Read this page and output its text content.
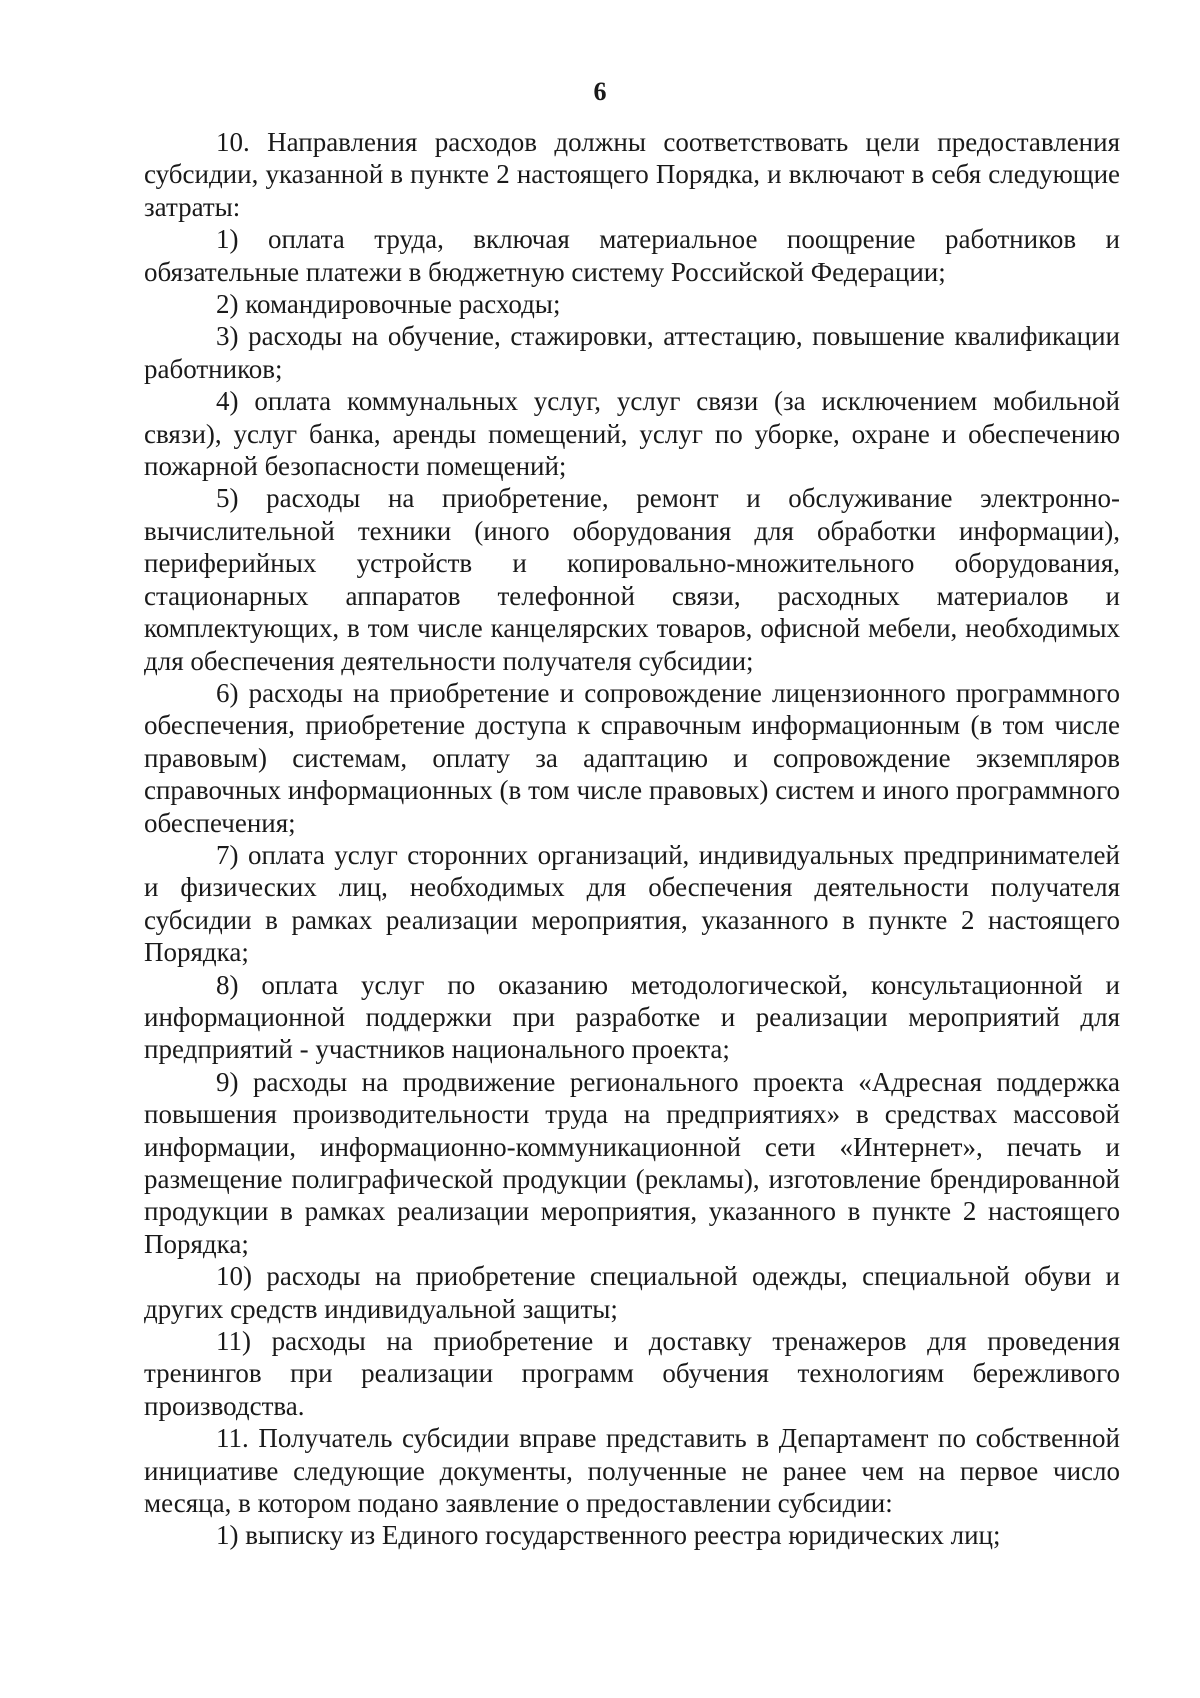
6

10. Направления расходов должны соответствовать цели предоставления субсидии, указанной в пункте 2 настоящего Порядка, и включают в себя следующие затраты:

1) оплата труда, включая материальное поощрение работников и обязательные платежи в бюджетную систему Российской Федерации;

2) командировочные расходы;

3) расходы на обучение, стажировки, аттестацию, повышение квалификации работников;

4) оплата коммунальных услуг, услуг связи (за исключением мобильной связи), услуг банка, аренды помещений, услуг по уборке, охране и обеспечению пожарной безопасности помещений;

5) расходы на приобретение, ремонт и обслуживание электронно-вычислительной техники (иного оборудования для обработки информации), периферийных устройств и копировально-множительного оборудования, стационарных аппаратов телефонной связи, расходных материалов и комплектующих, в том числе канцелярских товаров, офисной мебели, необходимых для обеспечения деятельности получателя субсидии;

6) расходы на приобретение и сопровождение лицензионного программного обеспечения, приобретение доступа к справочным информационным (в том числе правовым) системам, оплату за адаптацию и сопровождение экземпляров справочных информационных (в том числе правовых) систем и иного программного обеспечения;

7) оплата услуг сторонних организаций, индивидуальных предпринимателей и физических лиц, необходимых для обеспечения деятельности получателя субсидии в рамках реализации мероприятия, указанного в пункте 2 настоящего Порядка;

8) оплата услуг по оказанию методологической, консультационной и информационной поддержки при разработке и реализации мероприятий для предприятий - участников национального проекта;

9) расходы на продвижение регионального проекта «Адресная поддержка повышения производительности труда на предприятиях» в средствах массовой информации, информационно-коммуникационной сети «Интернет», печать и размещение полиграфической продукции (рекламы), изготовление брендированной продукции в рамках реализации мероприятия, указанного в пункте 2 настоящего Порядка;

10) расходы на приобретение специальной одежды, специальной обуви и других средств индивидуальной защиты;

11) расходы на приобретение и доставку тренажеров для проведения тренингов при реализации программ обучения технологиям бережливого производства.

11. Получатель субсидии вправе представить в Департамент по собственной инициативе следующие документы, полученные не ранее чем на первое число месяца, в котором подано заявление о предоставлении субсидии:

1) выписку из Единого государственного реестра юридических лиц;
